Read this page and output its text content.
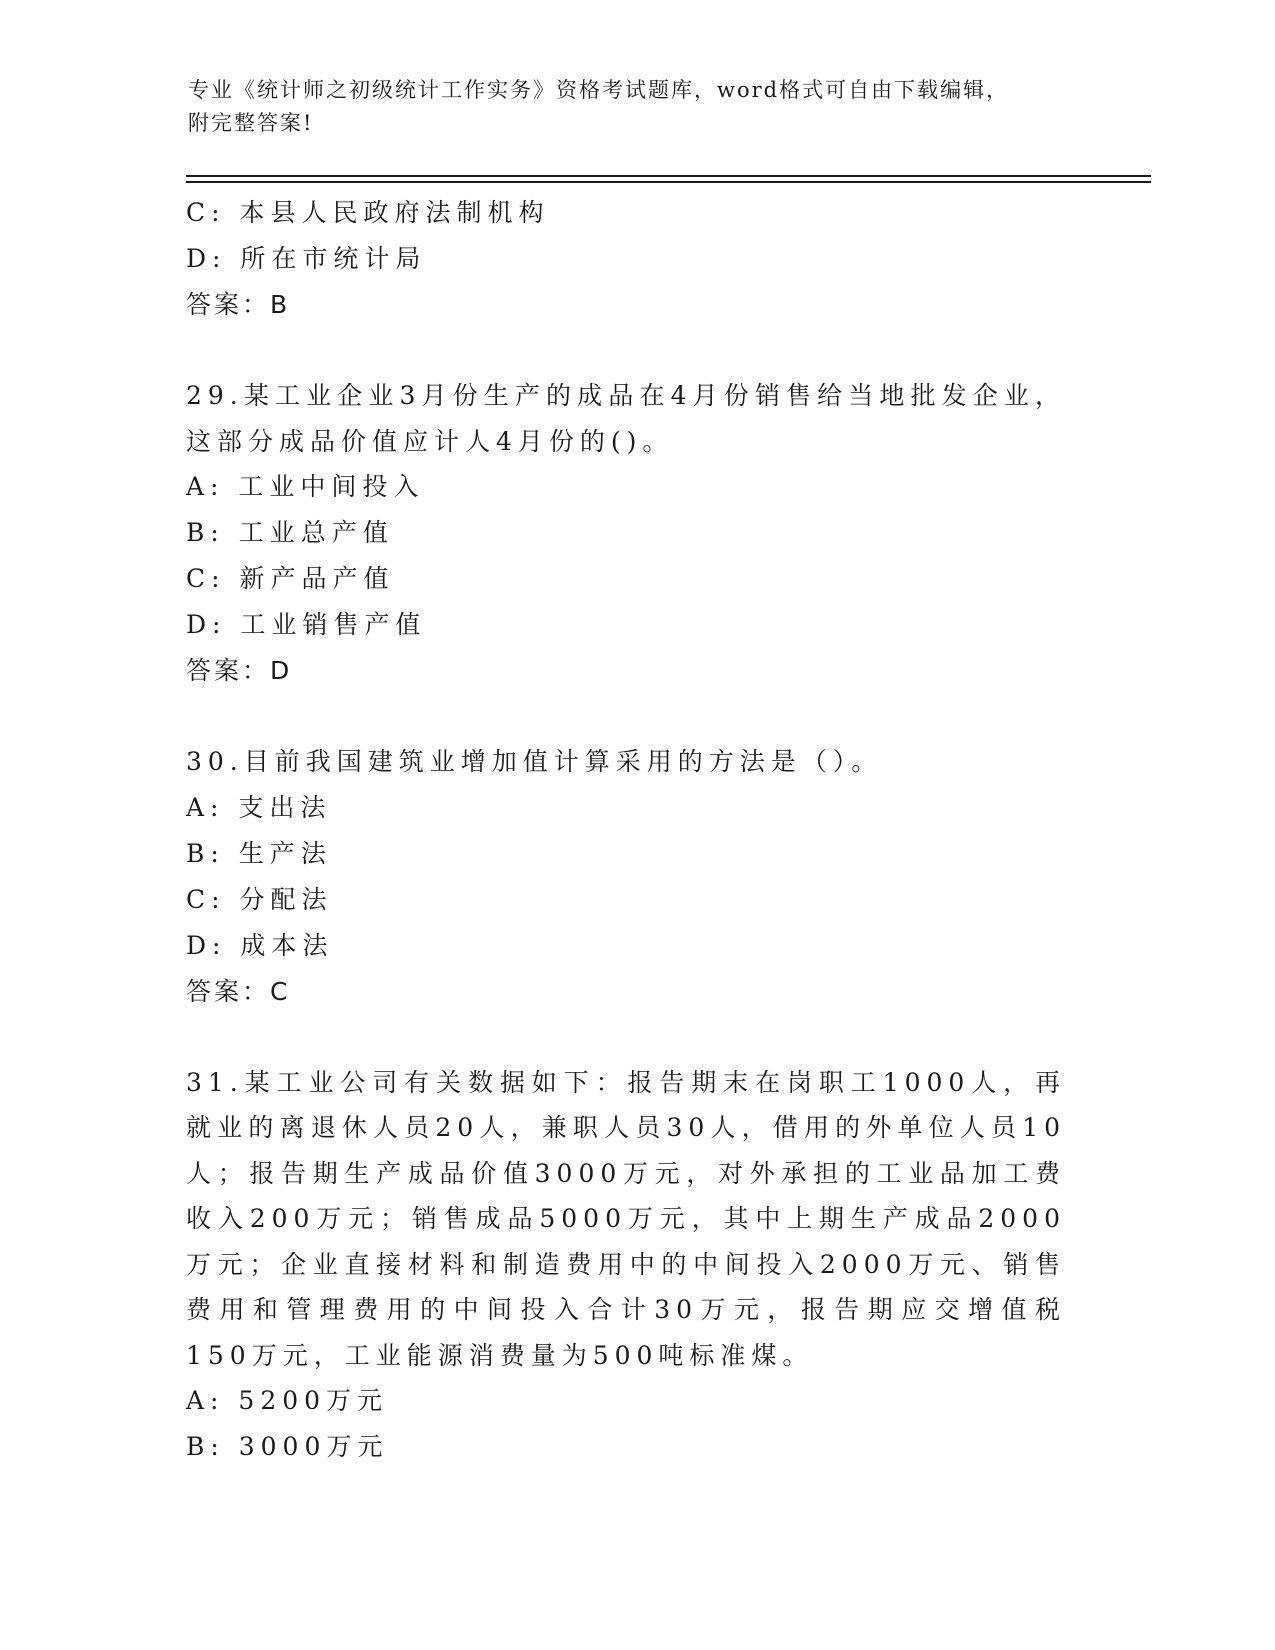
专业《统计师之初级统计工作实务》资格考试题库，word格式可自由下载编辑，

附完整答案!

C: 本县人民政府法制机构

D: 所在市统计局

答案：B

29.某工业企业3月份生产的成品在4月份销售给当地批发企业，这部分成品价值应计人4月份的()。

A: 工业中间投入

B: 工业总产值

C: 新产品产值

D: 工业销售产值

答案：D

30.目前我国建筑业增加值计算采用的方法是（）。

A: 支出法

B: 生产法

C: 分配法

D: 成本法

答案：C

31.某工业公司有关数据如下：报告期末在岗职工1000人，再就业的离退休人员20人，兼职人员30人，借用的外单位人员10人；报告期生产成品价值3000万元，对外承担的工业品加工费收入200万元；销售成品5000万元，其中上期生产成品2000万元；企业直接材料和制造费用中的中间投入2000万元、销售费用和管理费用的中间投入合计30万元，报告期应交增值税150万元，工业能源消费量为500吨标准煤。

A: 5200万元

B: 3000万元
